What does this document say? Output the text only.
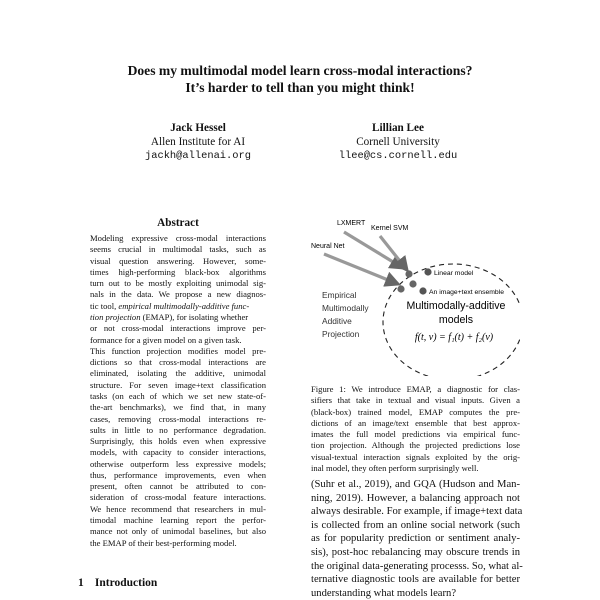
Does my multimodal model learn cross-modal interactions?
It’s harder to tell than you might think!
Jack Hessel
Allen Institute for AI
jackh@allenai.org
Lillian Lee
Cornell University
llee@cs.cornell.edu
Abstract
Modeling expressive cross-modal interactions
seems crucial in multimodal tasks, such as
visual question answering. However, some-
times high-performing black-box algorithms
turn out to be mostly exploiting unimodal sig-
nals in the data. We propose a new diagnos-
tic tool, empirical multimodally-additive func-
tion projection (EMAP), for isolating whether
or not cross-modal interactions improve per-
formance for a given model on a given task.
This function projection modifies model pre-
dictions so that cross-modal interactions are
eliminated, isolating the additive, unimodal
structure. For seven image+text classification
tasks (on each of which we set new state-of-
the-art benchmarks), we find that, in many
cases, removing cross-modal interactions re-
sults in little to no performance degradation.
Surprisingly, this holds even when expressive
models, with capacity to consider interactions,
otherwise outperform less expressive models;
thus, performance improvements, even when
present, often cannot be attributed to con-
sideration of cross-modal feature interactions.
We hence recommend that researchers in mul-
timodal machine learning report the perfor-
mance not only of unimodal baselines, but also
the EMAP of their best-performing model.
LXMERT
Kernel SVM
Neural Net
Linear model
An image+text ensemble
Empirical
Multimodally
Additive
Projection
Multimodally-additive
models
f(t, v) = f₁(t) + f₂(v)
Figure 1: We introduce EMAP, a diagnostic for clas-
sifiers that take in textual and visual inputs. Given a
(black-box) trained model, EMAP computes the pre-
dictions of an image/text ensemble that best approx-
imates the full model predictions via empirical func-
tion projection. Although the projected predictions lose
visual-textual interaction signals exploited by the orig-
inal model, they often perform surprisingly well.
(Suhr et al., 2019), and GQA (Hudson and Man-
ning, 2019). However, a balancing approach not
always desirable. For example, if image+text data
is collected from an online social network (such
as for popularity prediction or sentiment analy-
sis), post-hoc rebalancing may obscure trends in
the original data-generating processs. So, what al-
ternative diagnostic tools are available for better
understanding what models learn?
1 Introduction
